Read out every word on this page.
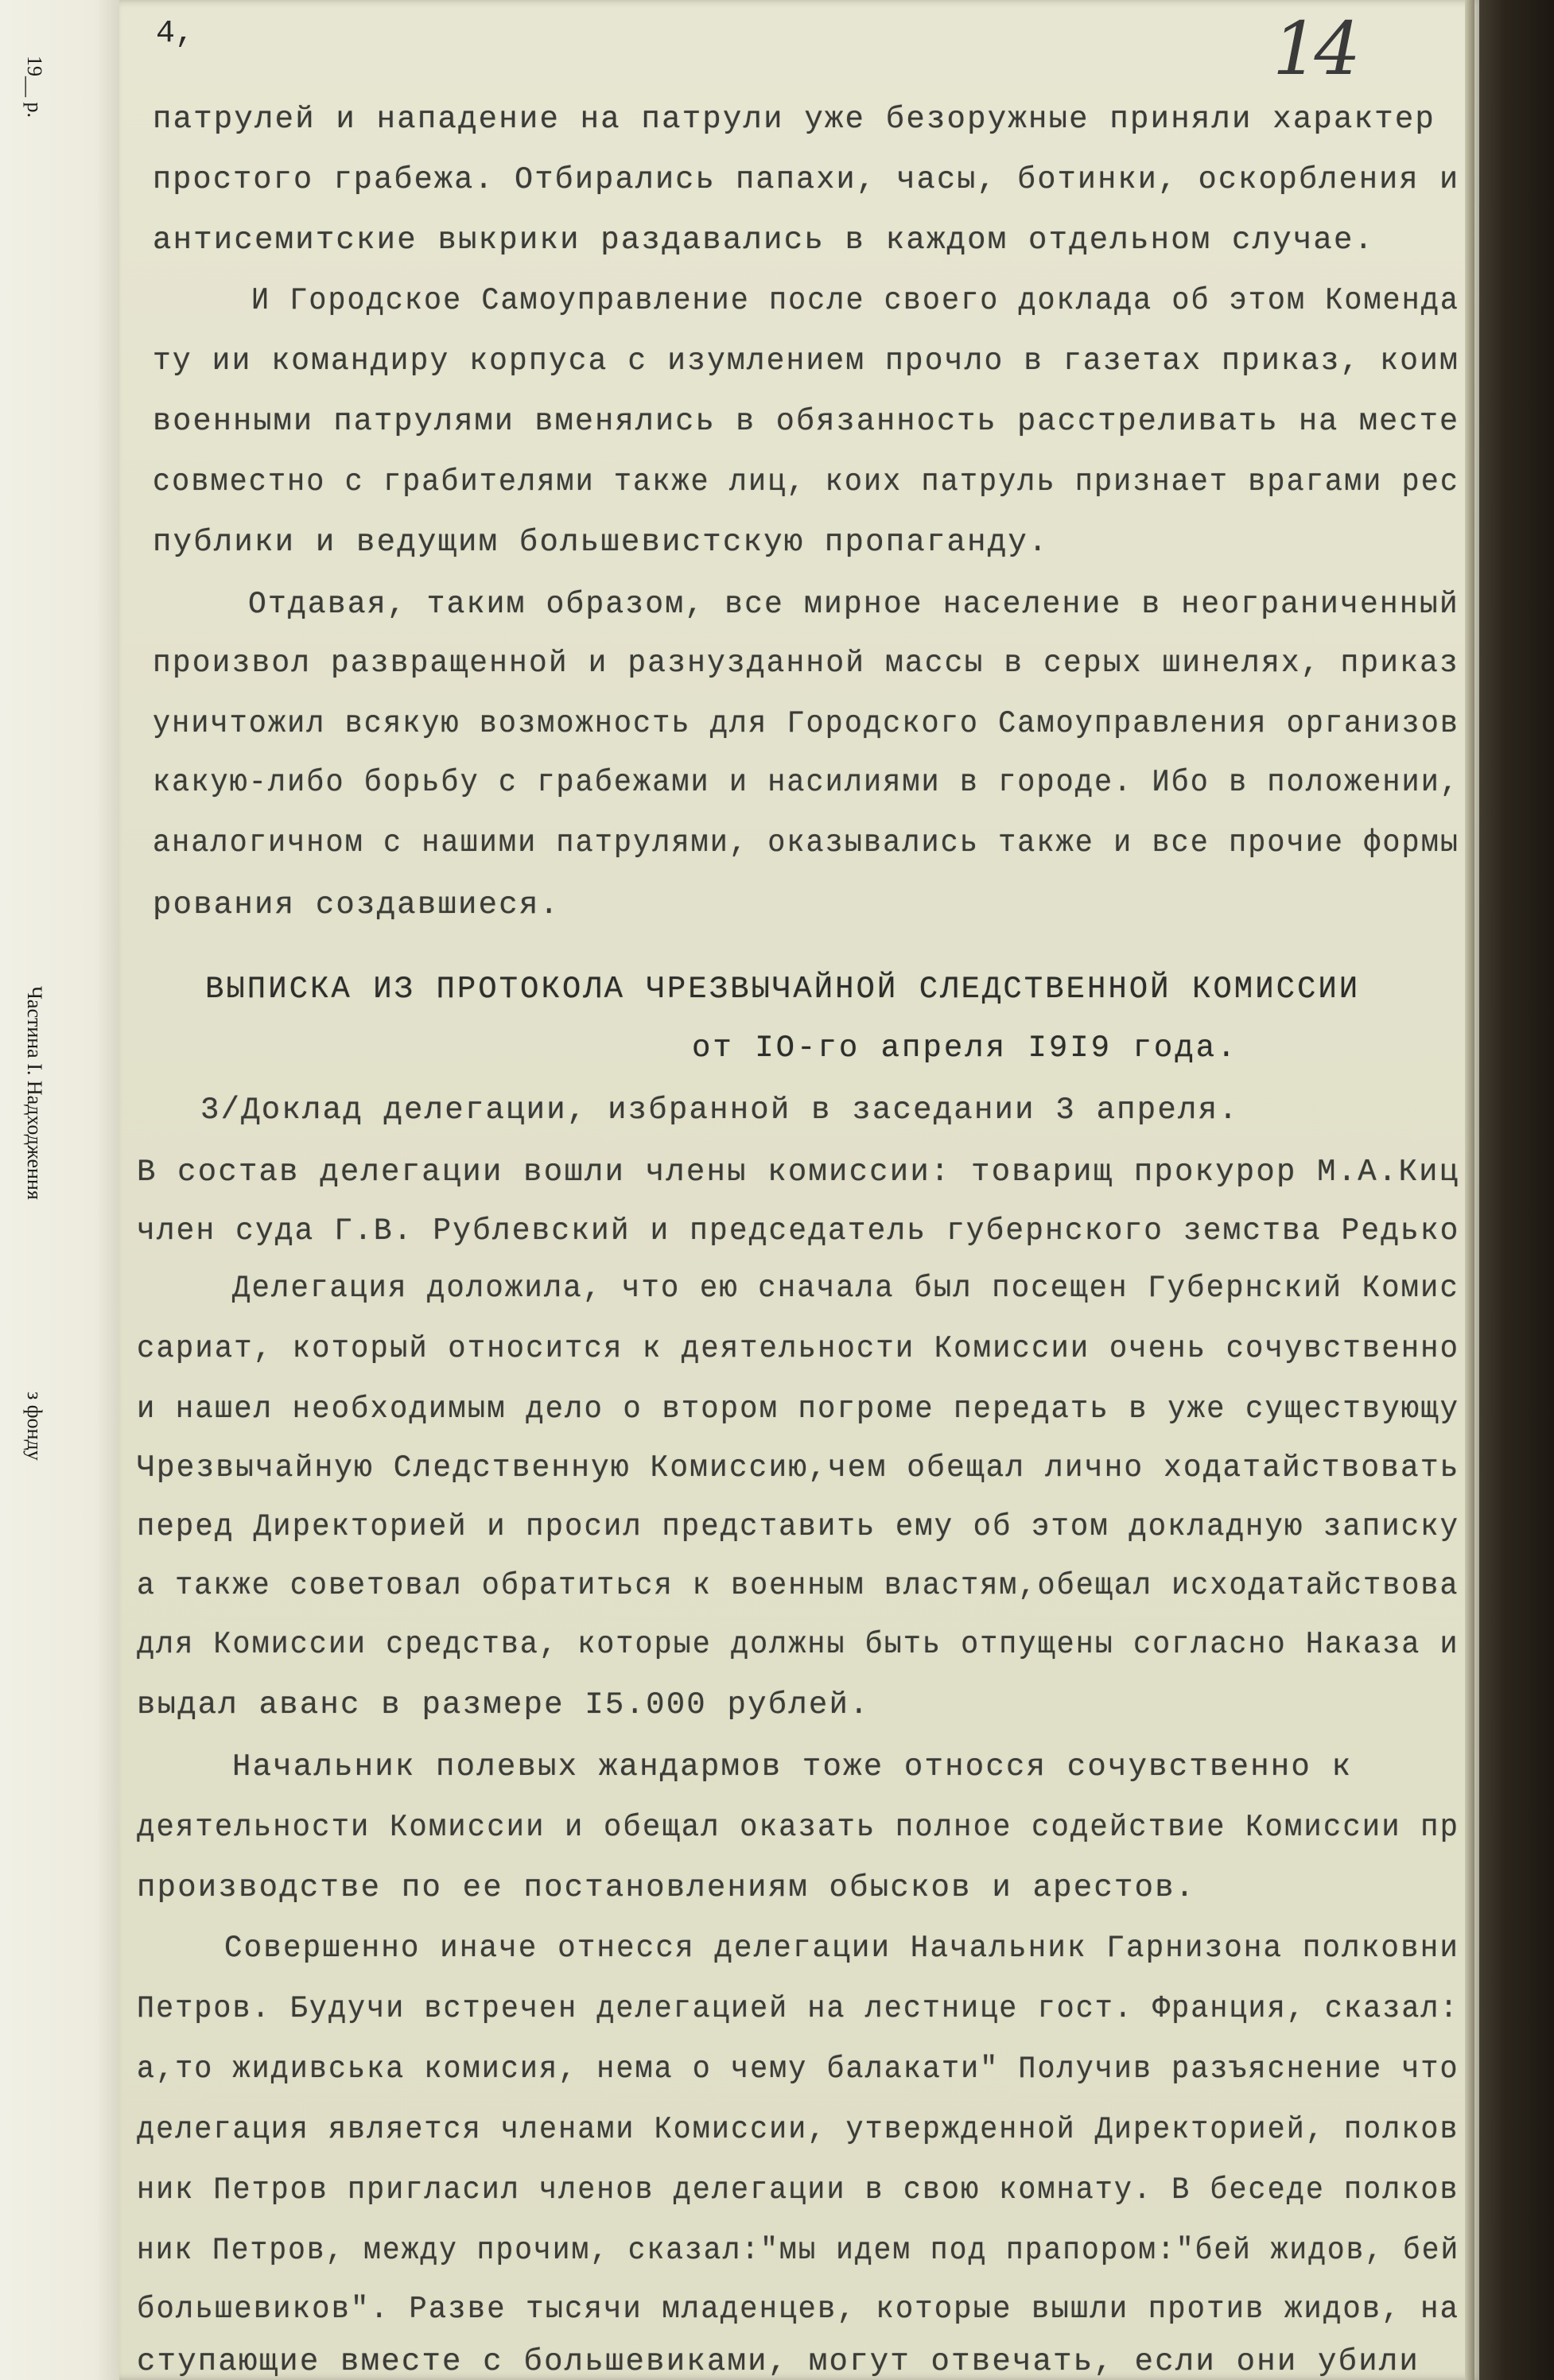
19__ р.
Частина I. Надходження
з фонду
4,	14
патрулей и нападение на патрули уже безоружные приняли характер
простого грабежа. Отбирались папахи, часы, ботинки, оскорбления и
антисемитские выкрики раздавались в каждом отдельном случае.
И Городское Самоуправление после своего доклада об этом Коменда
ту ии командиру корпуса с изумлением прочло в газетах приказ, коим
военными патрулями вменялись в обязанность расстреливать на месте
совместно с грабителями также лиц, коих патруль признает врагами рес
публики и ведущим большевистскую пропаганду.
Отдавая, таким образом, все мирное население в неограниченный
произвол развращенной и разнузданной массы в серых шинелях, приказ
уничтожил всякую возможность для Городского Самоуправления организов
какую-либо борьбу с грабежами и насилиями в городе. Ибо в положении,
аналогичном с нашими патрулями, оказывались также и все прочие формы
рования создавшиеся.
ВЫПИСКА ИЗ ПРОТОКОЛА ЧРЕЗВЫЧАЙНОЙ СЛЕДСТВЕННОЙ КОМИССИИ
от IO-го апреля I9I9 года.
3/Доклад делегации, избранной в заседании 3 апреля.
В состав делегации вошли члены комиссии: товарищ прокурор М.А.Киц
член суда Г.В. Рублевский и председатель губернского земства Редько
Делегация доложила, что ею сначала был посещен Губернский Комис
сариат, который относится к деятельности Комиссии очень сочувственно
и нашел необходимым дело о втором погроме передать в уже существующу
Чрезвычайную Следственную Комиссию,чем обещал лично ходатайствовать
перед Директорией и просил представить ему об этом докладную записку
а также советовал обратиться к военным властям,обещал исходатайствова
для Комиссии средства, которые должны быть отпущены согласно Наказа и
выдал аванс в размере I5.000 рублей.
Начальник полевых жандармов тоже относся сочувственно к
деятельности Комиссии и обещал оказать полное содействие Комиссии пр
производстве по ее постановлениям обысков и арестов.
Совершенно иначе отнесся делегации Начальник Гарнизона полковни
Петров. Будучи встречен делегацией на лестнице гост. Франция, сказал:
а,то жидивська комисия, нема о чему балакати" Получив разъяснение что
делегация является членами Комиссии, утвержденной Директорией, полков
ник Петров пригласил членов делегации в свою комнату. В беседе полков
ник Петров, между прочим, сказал:"мы идем под прапором:"бей жидов, бей
большевиков". Разве тысячи младенцев, которые вышли против жидов, на
ступающие вместе с большевиками, могут отвечать, если они убили
